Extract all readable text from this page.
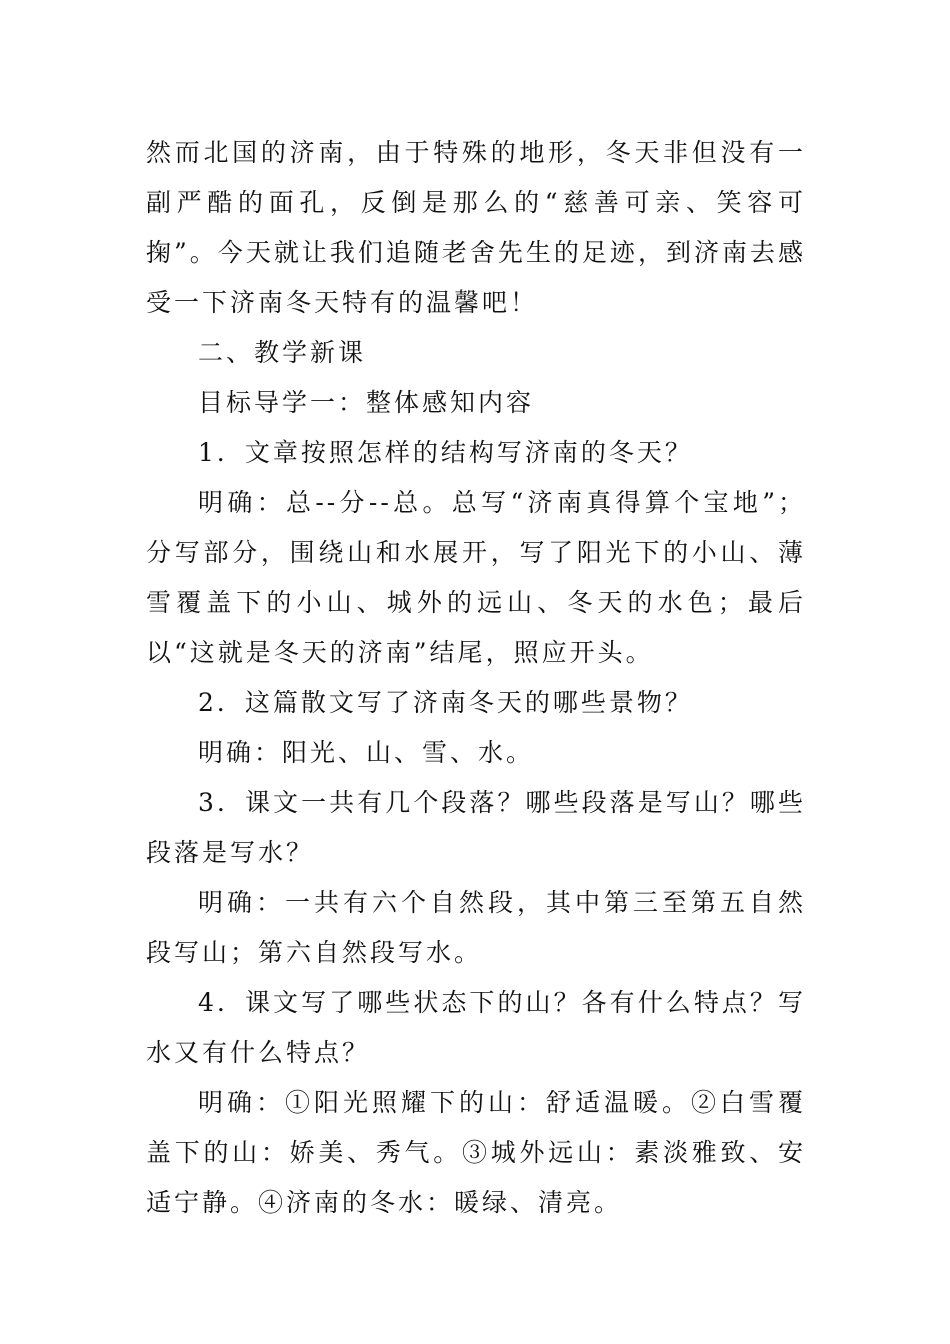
然而北国的济南，由于特殊的地形，冬天非但没有一副严酷的面孔，反倒是那么的“慈善可亲、笑容可掬”。今天就让我们追随老舍先生的足迹，到济南去感受一下济南冬天特有的温馨吧！

二、教学新课

目标导学一：整体感知内容

1．文章按照怎样的结构写济南的冬天？

明确：总--分--总。总写“济南真得算个宝地”；分写部分，围绕山和水展开，写了阳光下的小山、薄雪覆盖下的小山、城外的远山、冬天的水色；最后以“这就是冬天的济南”结尾，照应开头。

2．这篇散文写了济南冬天的哪些景物？

明确：阳光、山、雪、水。

3．课文一共有几个段落？哪些段落是写山？哪些段落是写水？

明确：一共有六个自然段，其中第三至第五自然段写山；第六自然段写水。

4．课文写了哪些状态下的山？各有什么特点？写水又有什么特点？

明确：①阳光照耀下的山：舒适温暖。②白雪覆盖下的山：娇美、秀气。③城外远山：素淡雅致、安适宁静。④济南的冬水：暖绿、清亮。
